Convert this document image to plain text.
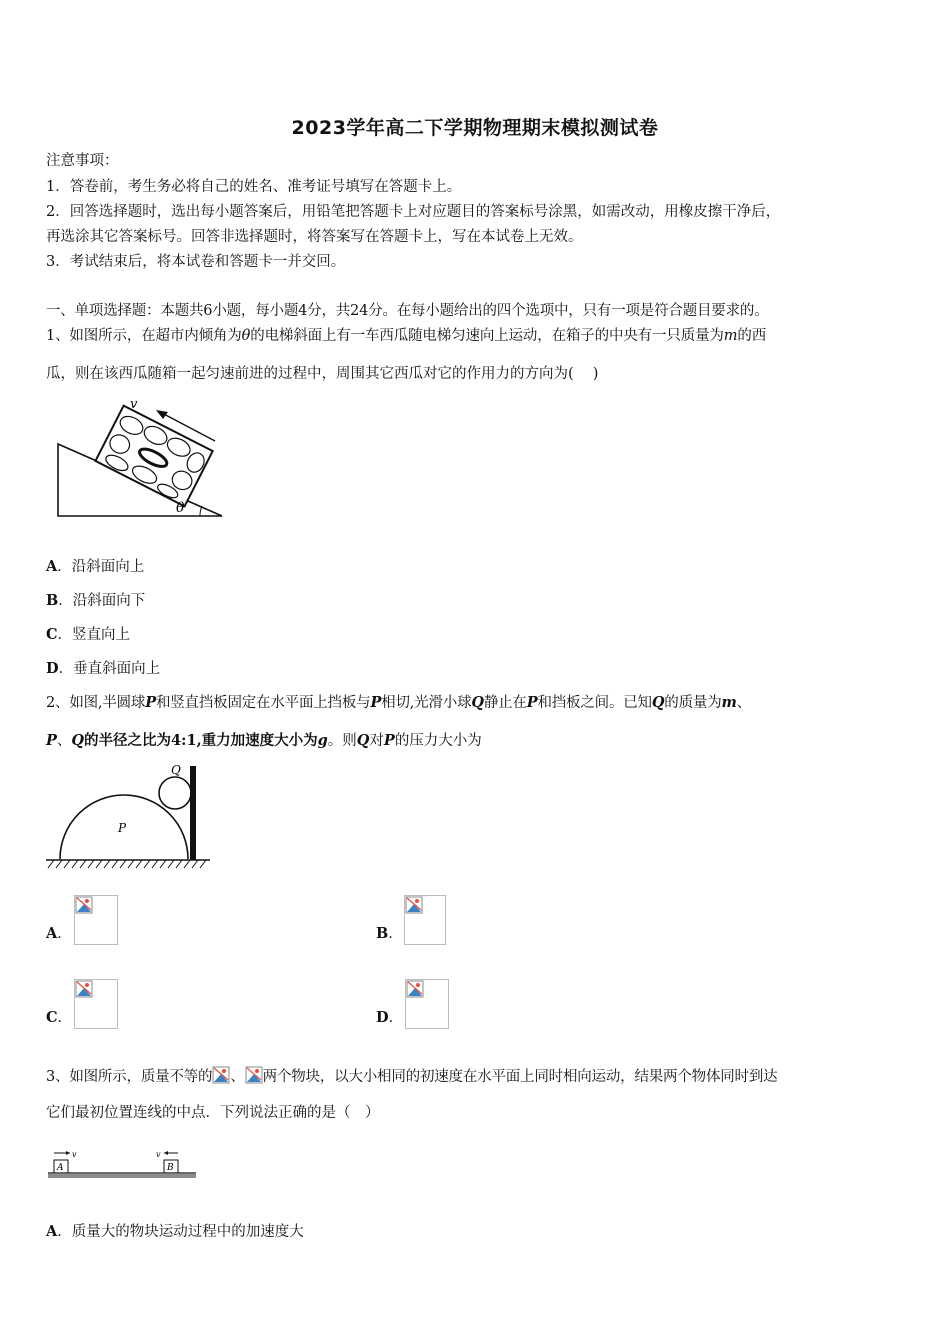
2023学年高二下学期物理期末模拟测试卷
注意事项：
1．答卷前，考生务必将自己的姓名、准考证号填写在答题卡上。
2．回答选择题时，选出每小题答案后，用铅笔把答题卡上对应题目的答案标号涂黑，如需改动，用橡皮擦干净后，
再选涂其它答案标号。回答非选择题时，将答案写在答题卡上，写在本试卷上无效。
3．考试结束后，将本试卷和答题卡一并交回。
一、单项选择题：本题共6小题，每小题4分，共24分。在每小题给出的四个选项中，只有一项是符合题目要求的。
1、如图所示，在超市内倾角为θ的电梯斜面上有一车西瓜随电梯匀速向上运动，在箱子的中央有一只质量为m的西
瓜，则在该西瓜随箱一起匀速前进的过程中，周围其它西瓜对它的作用力的方向为(　 )
v
θ
A．沿斜面向上
B．沿斜面向下
C．竖直向上
D．垂直斜面向上
2、如图,半圆球P和竖直挡板固定在水平面上挡板与P相切,光滑小球Q静止在P和挡板之间。已知Q的质量为m、
P、Q的半径之比为4:1,重力加速度大小为g。则Q对P的压力大小为
Q
P
A．	B．
C．	D．
3、如图所示，质量不等的 、 两个物块，以大小相同的初速度在水平面上同时相向运动，结果两个物体同时到达
它们最初位置连线的中点．下列说法正确的是（　）
A	B
v	v
A．质量大的物块运动过程中的加速度大
